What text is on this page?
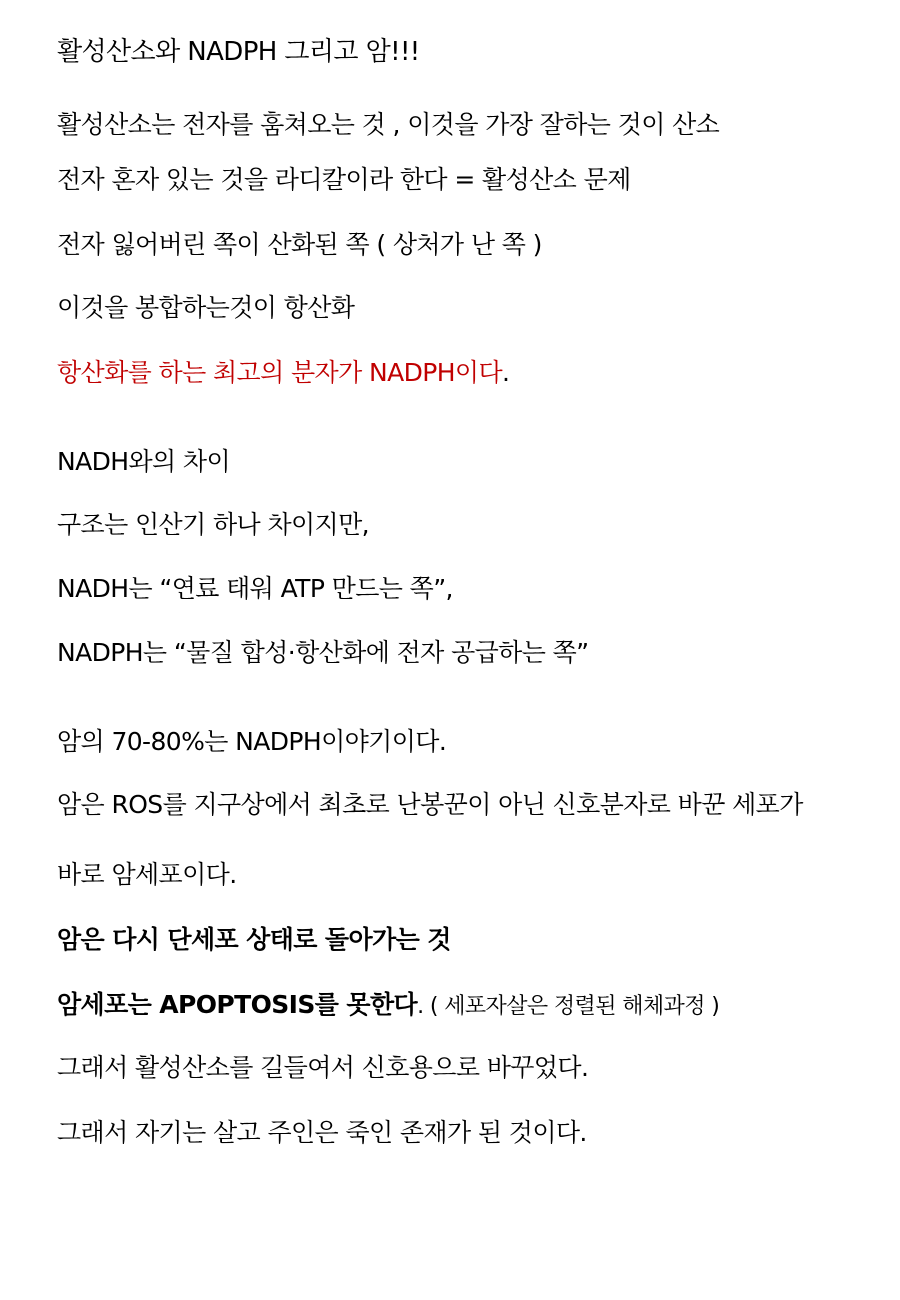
활성산소와 NADPH 그리고 암!!!
활성산소는 전자를 훔쳐오는 것 , 이것을 가장 잘하는 것이 산소
전자 혼자 있는 것을 라디칼이라 한다 = 활성산소 문제
전자 잃어버린 쪽이 산화된 쪽 ( 상처가 난 쪽 )
이것을 봉합하는것이 항산화
항산화를 하는 최고의 분자가 NADPH이다.
NADH와의 차이
구조는 인산기 하나 차이지만,
NADH는 “연료 태워 ATP 만드는 쪽”,
NADPH는 “물질 합성·항산화에 전자 공급하는 쪽”
암의 70-80%는 NADPH이야기이다.
암은 ROS를 지구상에서 최초로 난봉꾼이 아닌 신호분자로 바꾼 세포가
바로 암세포이다.
암은 다시 단세포 상태로 돌아가는 것
암세포는 APOPTOSIS를 못한다. ( 세포자살은 정렬된 해체과정 )
그래서 활성산소를 길들여서 신호용으로 바꾸었다.
그래서 자기는 살고 주인은 죽인 존재가 된 것이다.
